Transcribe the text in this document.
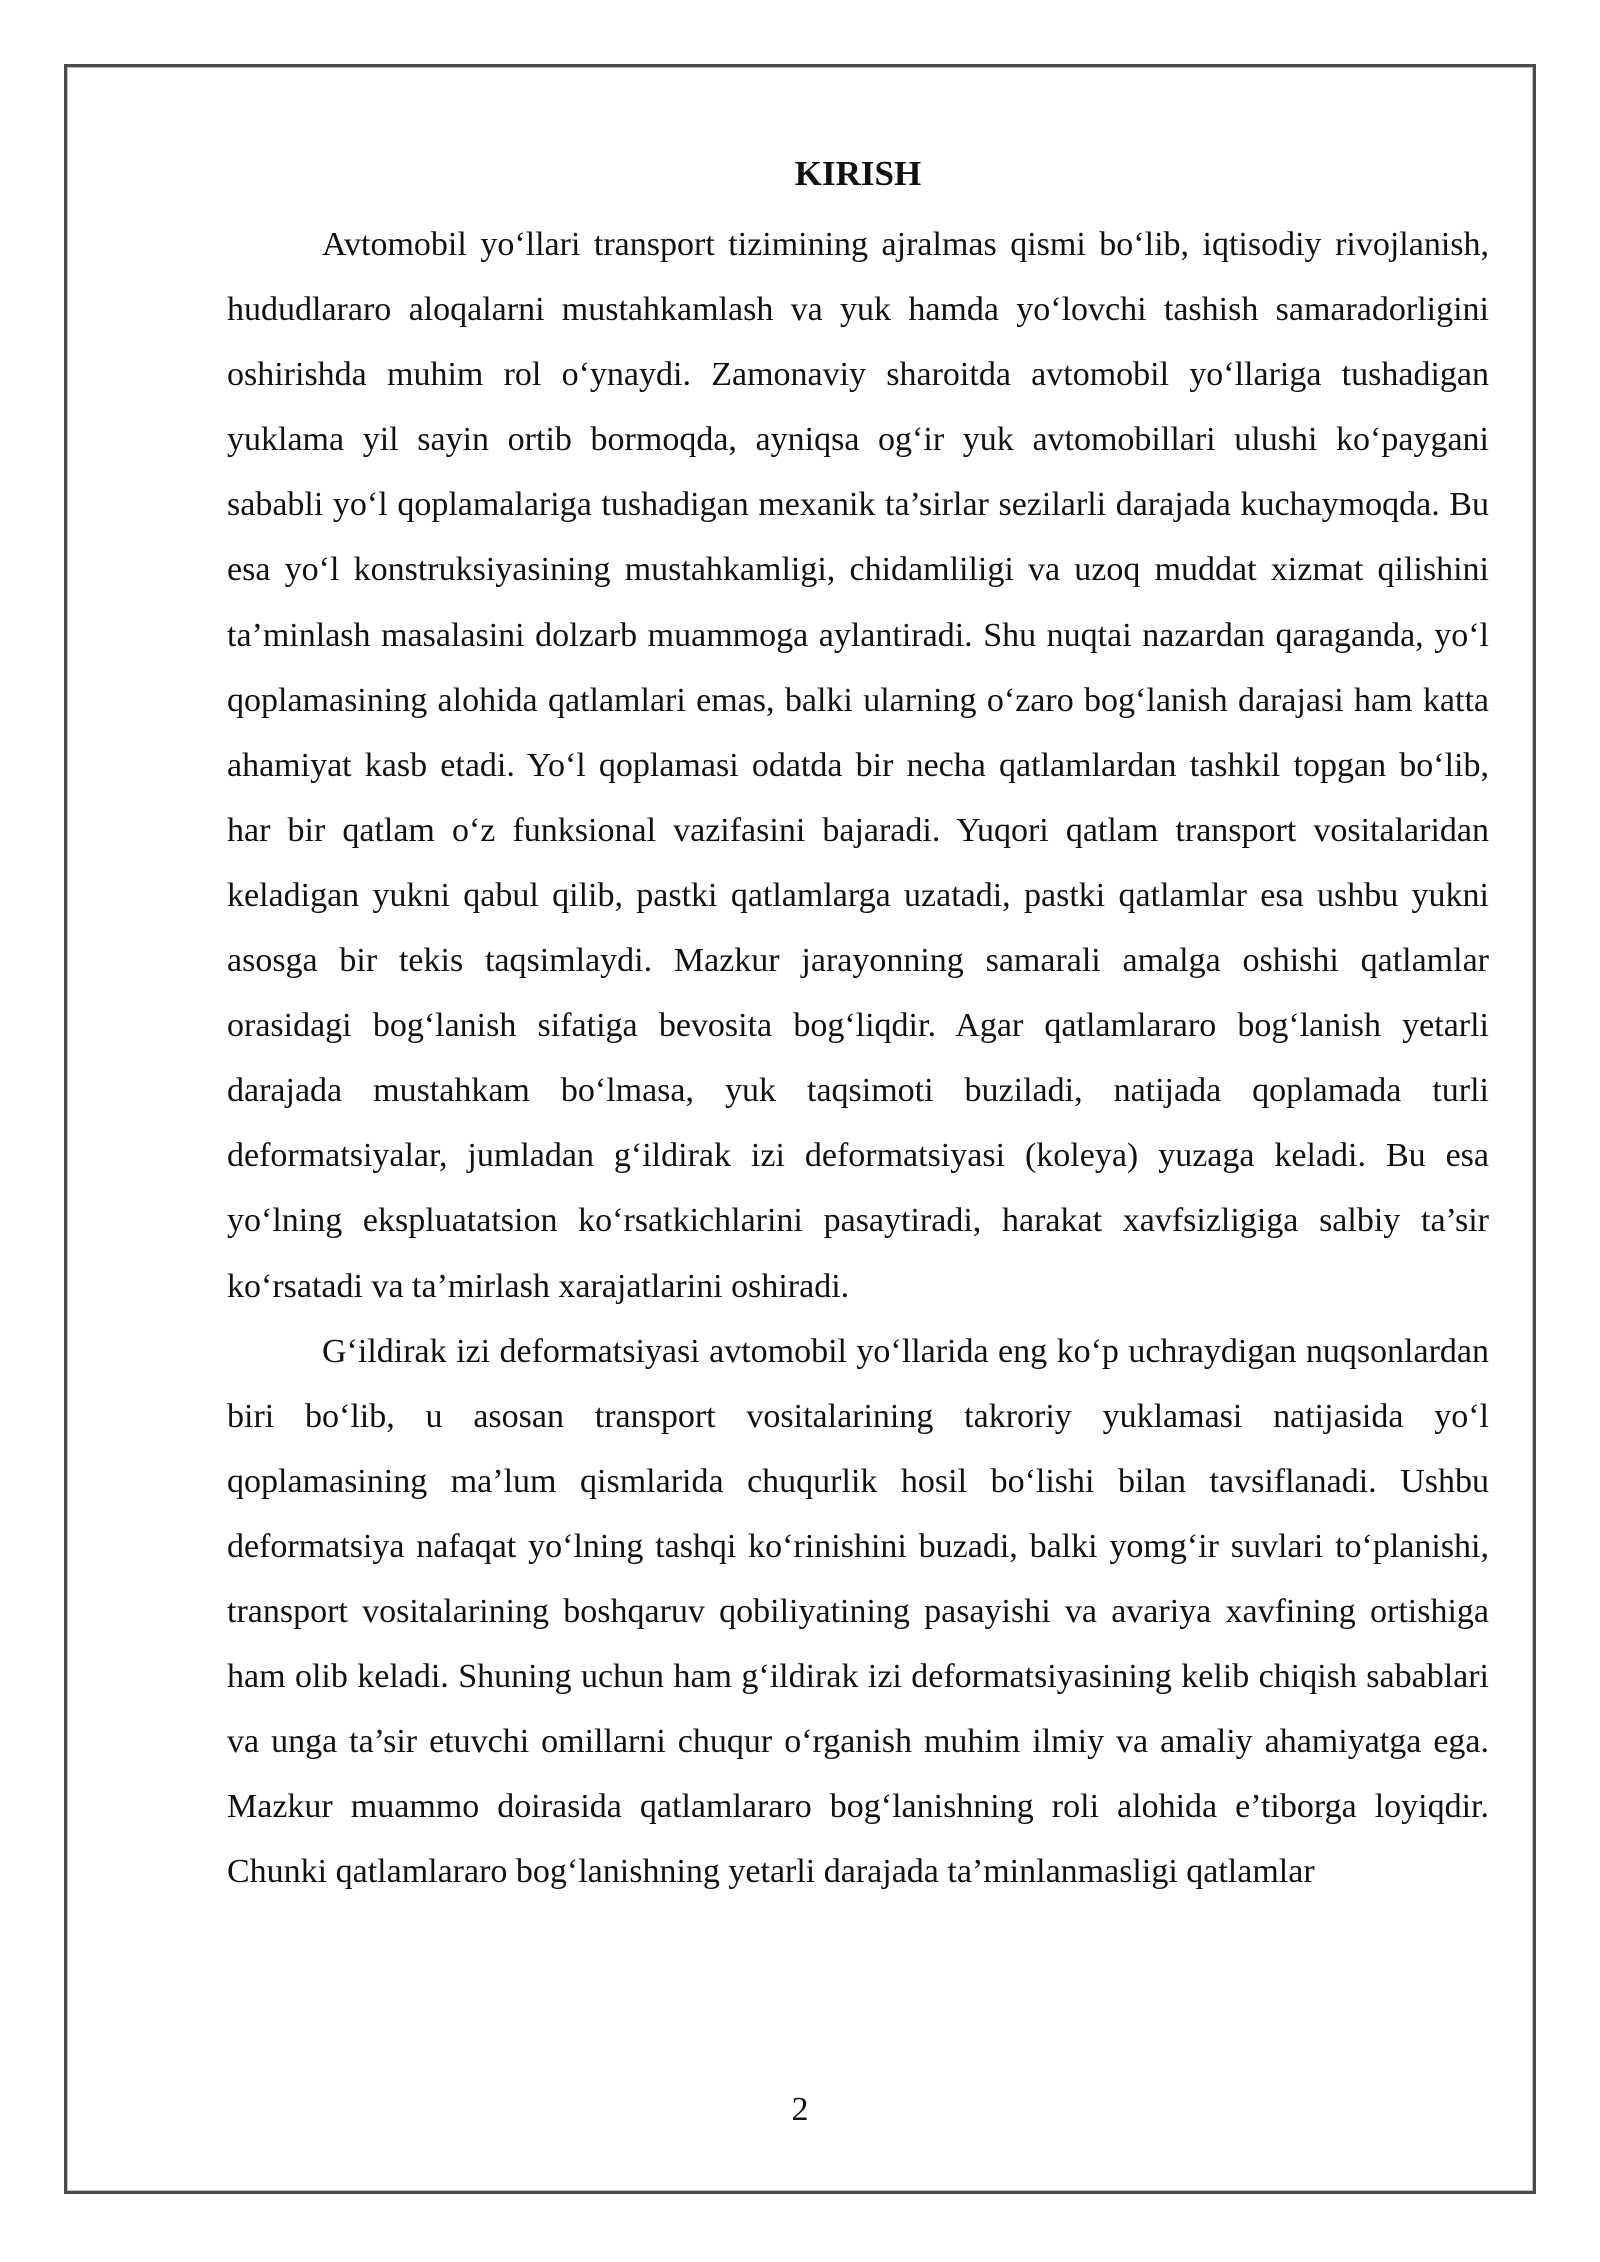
KIRISH

Avtomobil yo‘llari transport tizimining ajralmas qismi bo‘lib, iqtisodiy rivojlanish, hududlararo aloqalarni mustahkamlash va yuk hamda yo‘lovchi tashish samaradorligini oshirishda muhim rol o‘ynaydi. Zamonaviy sharoitda avtomobil yo‘llariga tushadigan yuklama yil sayin ortib bormoqda, ayniqsa og‘ir yuk avtomobillari ulushi ko‘paygani sababli yo‘l qoplamalariga tushadigan mexanik ta’sirlar sezilarli darajada kuchaymoqda. Bu esa yo‘l konstruksiyasining mustahkamligi, chidamliligi va uzoq muddat xizmat qilishini ta’minlash masalasini dolzarb muammoga aylantiradi. Shu nuqtai nazardan qaraganda, yo‘l qoplamasining alohida qatlamlari emas, balki ularning o‘zaro bog‘lanish darajasi ham katta ahamiyat kasb etadi. Yo‘l qoplamasi odatda bir necha qatlamlardan tashkil topgan bo‘lib, har bir qatlam o‘z funksional vazifasini bajaradi. Yuqori qatlam transport vositalaridan keladigan yukni qabul qilib, pastki qatlamlarga uzatadi, pastki qatlamlar esa ushbu yukni asosga bir tekis taqsimlaydi. Mazkur jarayonning samarali amalga oshishi qatlamlar orasidagi bog‘lanish sifatiga bevosita bog‘liqdir. Agar qatlamlararo bog‘lanish yetarli darajada mustahkam bo‘lmasa, yuk taqsimoti buziladi, natijada qoplamada turli deformatsiyalar, jumladan g‘ildirak izi deformatsiyasi (koleya) yuzaga keladi. Bu esa yo‘lning ekspluatatsion ko‘rsatkichlarini pasaytiradi, harakat xavfsizligiga salbiy ta’sir ko‘rsatadi va ta’mirlash xarajatlarini oshiradi.

G‘ildirak izi deformatsiyasi avtomobil yo‘llarida eng ko‘p uchraydigan nuqsonlardan biri bo‘lib, u asosan transport vositalarining takroriy yuklamasi natijasida yo‘l qoplamasining ma’lum qismlarida chuqurlik hosil bo‘lishi bilan tavsiflanadi. Ushbu deformatsiya nafaqat yo‘lning tashqi ko‘rinishini buzadi, balki yomg‘ir suvlari to‘planishi, transport vositalarining boshqaruv qobiliyatining pasayishi va avariya xavfining ortishiga ham olib keladi. Shuning uchun ham g‘ildirak izi deformatsiyasining kelib chiqish sabablari va unga ta’sir etuvchi omillarni chuqur o‘rganish muhim ilmiy va amaliy ahamiyatga ega. Mazkur muammo doirasida qatlamlararo bog‘lanishning roli alohida e’tiborga loyiqdir. Chunki qatlamlararo bog‘lanishning yetarli darajada ta’minlanmasligi qatlamlar

2
